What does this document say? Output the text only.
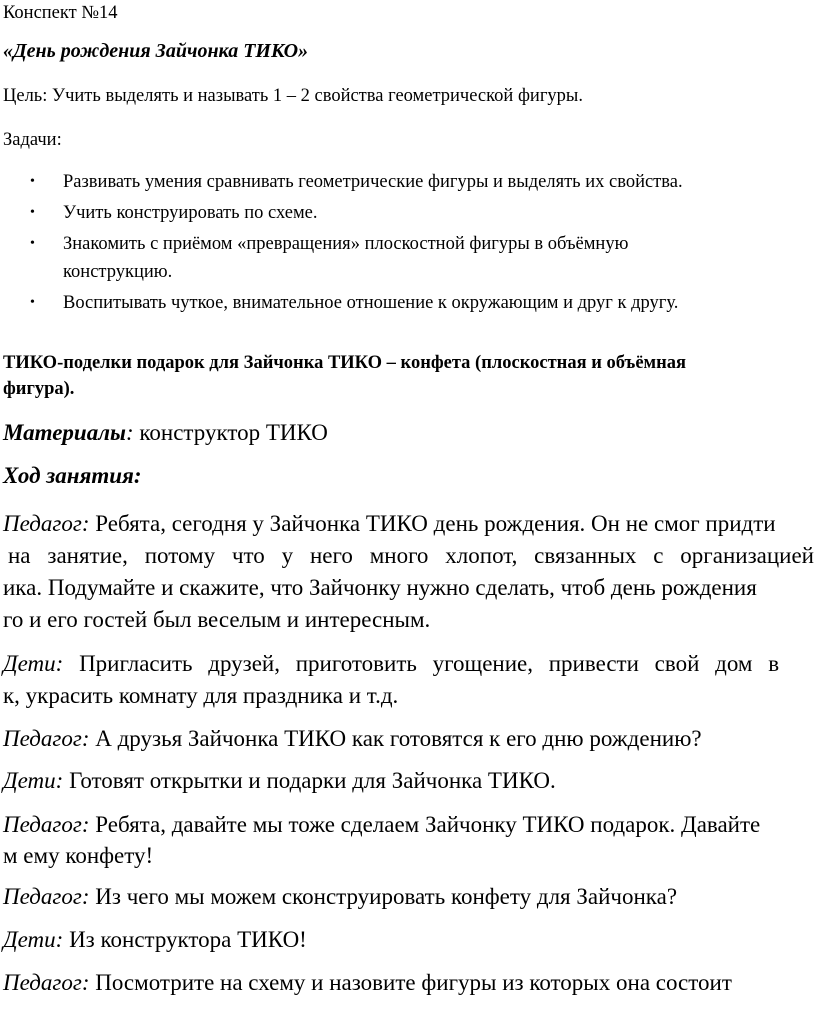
Конспект №14
«День рождения Зайчонка ТИКО»
Цель: Учить выделять и называть 1 – 2 свойства геометрической фигуры.
Задачи:
• Развивать умения сравнивать геометрические фигуры и выделять их свойства.
• Учить конструировать по схеме.
• Знакомить с приёмом «превращения» плоскостной фигуры в объёмную
конструкцию.
• Воспитывать чуткое, внимательное отношение к окружающим и друг к другу.
ТИКО-поделки подарок для Зайчонка ТИКО – конфета (плоскостная и объёмная
фигура).
Материалы: конструктор ТИКО
Ход занятия:
Педагог: Ребята, сегодня у Зайчонка ТИКО день рождения. Он не смог придти
на занятие, потому что у него много хлопот, связанных с организацией
ика. Подумайте и скажите, что Зайчонку нужно сделать, чтоб день рождения
го и его гостей был веселым и интересным.
Дети: Пригласить друзей, приготовить угощение, привести свой дом в
к, украсить комнату для праздника и т.д.
Педагог: А друзья Зайчонка ТИКО как готовятся к его дню рождению?
Дети: Готовят открытки и подарки для Зайчонка ТИКО.
Педагог: Ребята, давайте мы тоже сделаем Зайчонку ТИКО подарок. Давайте
м ему конфету!
Педагог: Из чего мы можем сконструировать конфету для Зайчонка?
Дети: Из конструктора ТИКО!
Педагог: Посмотрите на схему и назовите фигуры из которых она состоит
